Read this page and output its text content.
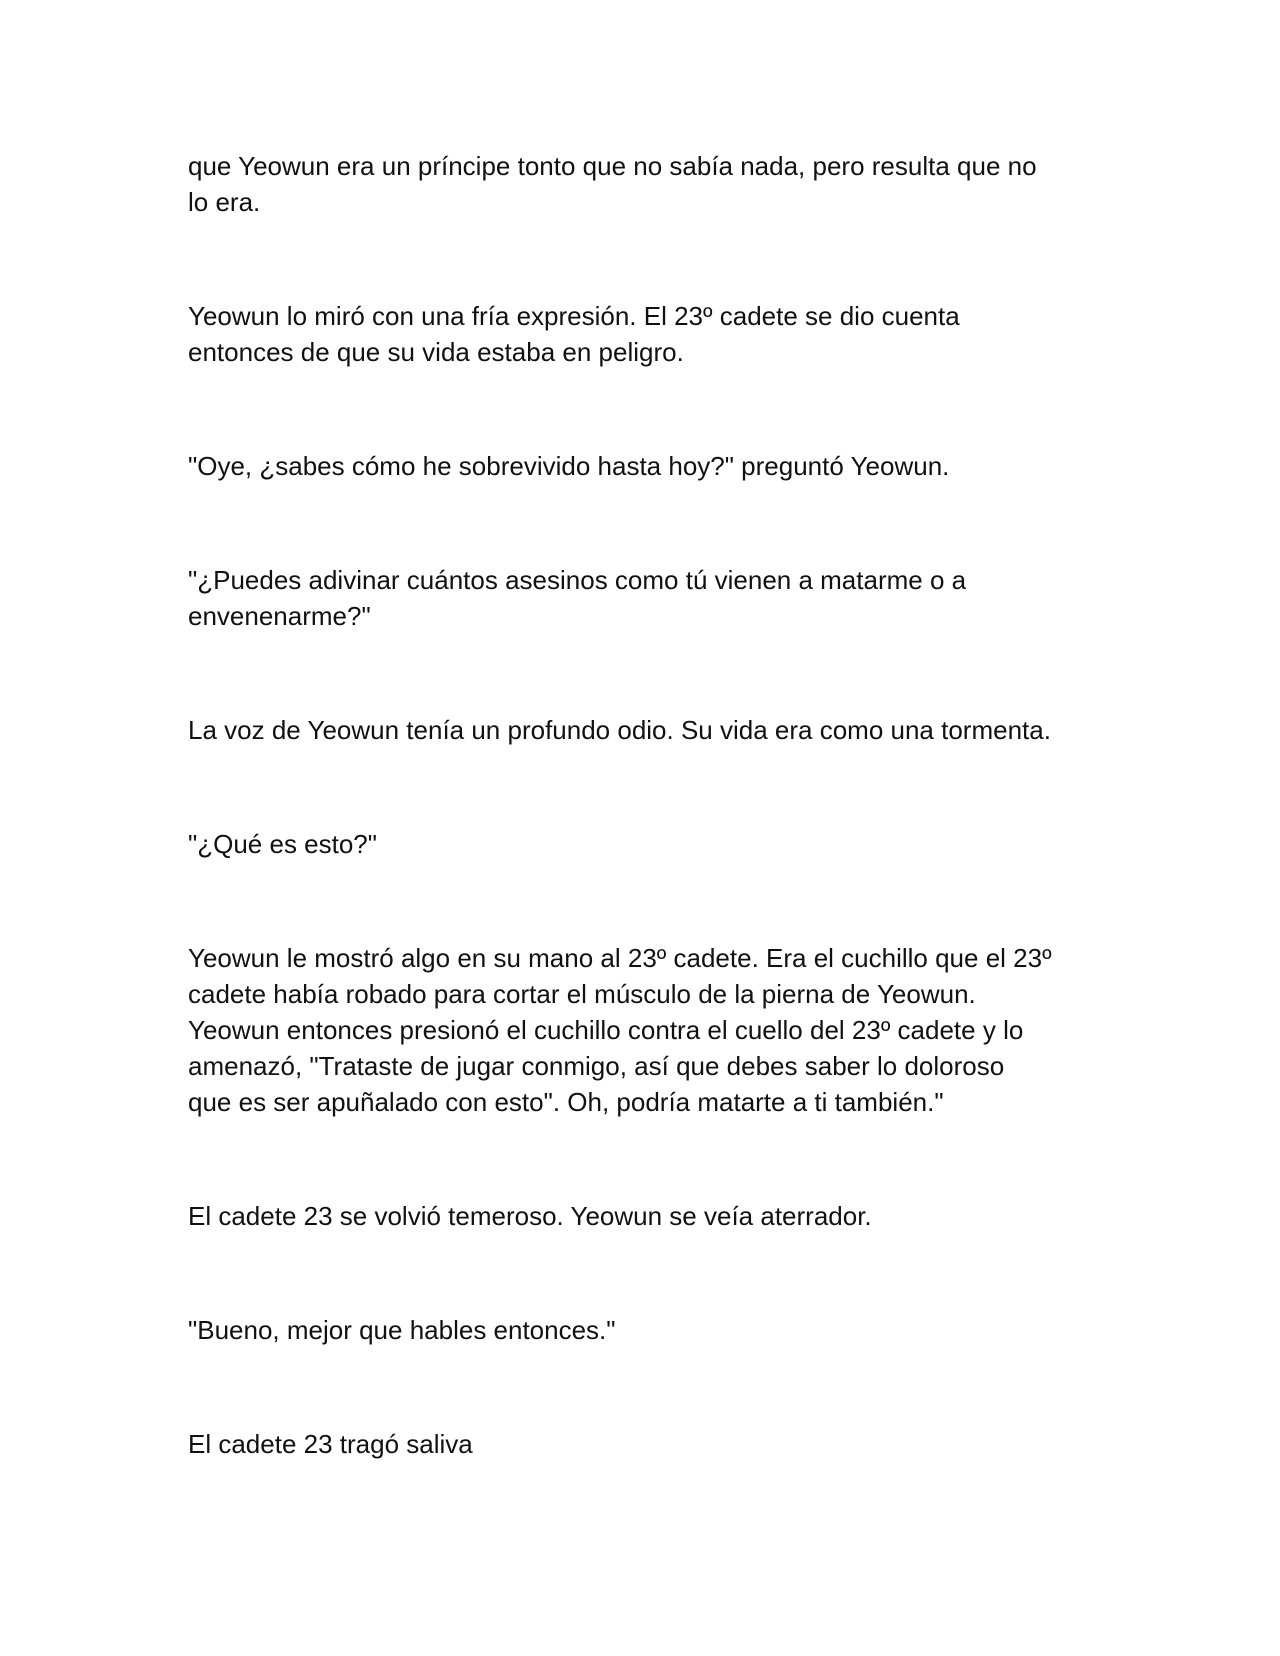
que Yeowun era un príncipe tonto que no sabía nada, pero resulta que no
lo era.

Yeowun lo miró con una fría expresión. El 23º cadete se dio cuenta
entonces de que su vida estaba en peligro.

"Oye, ¿sabes cómo he sobrevivido hasta hoy?" preguntó Yeowun.

"¿Puedes adivinar cuántos asesinos como tú vienen a matarme o a
envenenarme?"

La voz de Yeowun tenía un profundo odio. Su vida era como una tormenta.

"¿Qué es esto?"

Yeowun le mostró algo en su mano al 23º cadete. Era el cuchillo que el 23º
cadete había robado para cortar el músculo de la pierna de Yeowun.
Yeowun entonces presionó el cuchillo contra el cuello del 23º cadete y lo
amenazó, "Trataste de jugar conmigo, así que debes saber lo doloroso
que es ser apuñalado con esto". Oh, podría matarte a ti también."

El cadete 23 se volvió temeroso. Yeowun se veía aterrador.

"Bueno, mejor que hables entonces."

El cadete 23 tragó saliva
